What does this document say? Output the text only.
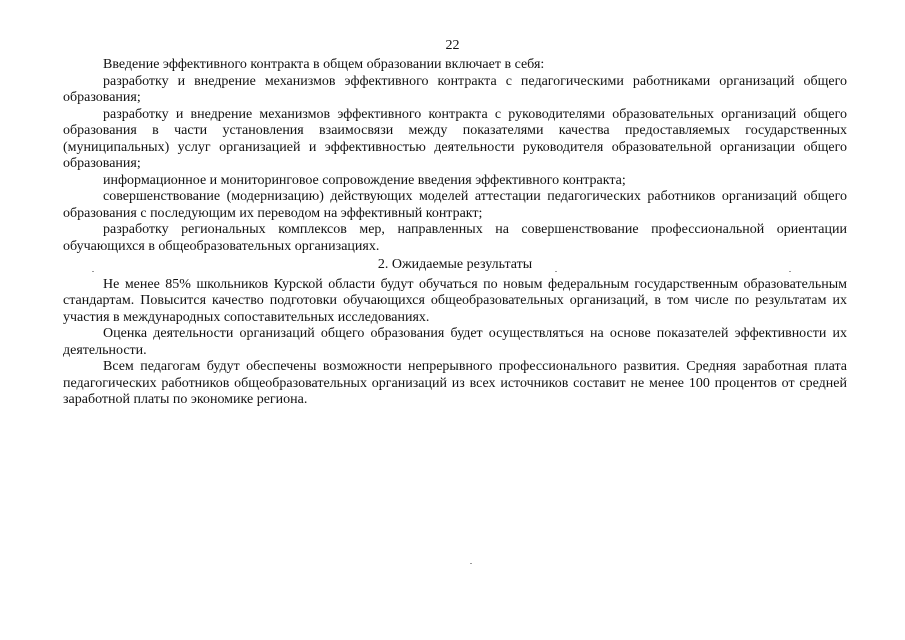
22

Введение эффективного контракта в общем образовании включает в себя:

разработку и внедрение механизмов эффективного контракта с педагогическими работниками организаций общего образования;

разработку и внедрение механизмов эффективного контракта с руководителями образовательных организаций общего образования в части установления взаимосвязи между показателями качества предоставляемых государственных (муниципальных) услуг организацией и эффективностью деятельности руководителя образовательной организации общего образования;

информационное и мониторинговое сопровождение введения эффективного контракта;

совершенствование (модернизацию) действующих моделей аттестации педагогических работников организаций общего образования с последующим их переводом на эффективный контракт;

разработку региональных комплексов мер, направленных на совершенствование профессиональной ориентации обучающихся в общеобразовательных организациях.

2. Ожидаемые результаты

Не менее 85% школьников Курской области будут обучаться по новым федеральным государственным образовательным стандартам. Повысится качество подготовки обучающихся общеобразовательных организаций, в том числе по результатам их участия в международных сопоставительных исследованиях.

Оценка деятельности организаций общего образования будет осуществляться на основе показателей эффективности их деятельности.

Всем педагогам будут обеспечены возможности непрерывного профессионального развития. Средняя заработная плата педагогических работников общеобразовательных организаций из всех источников составит не менее 100 процентов от средней заработной платы по экономике региона.
